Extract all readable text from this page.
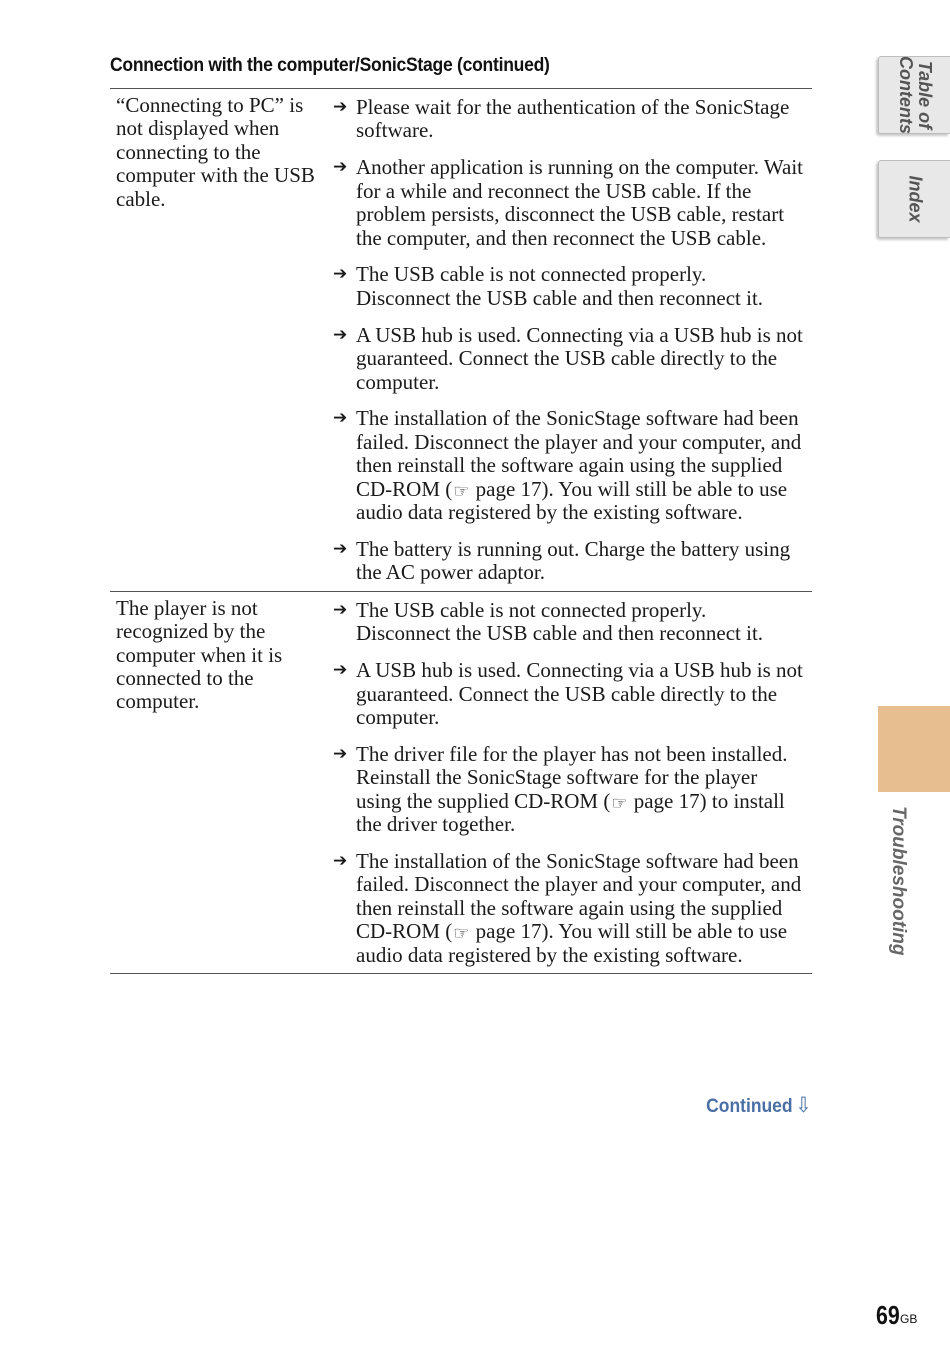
Connection with the computer/SonicStage (continued)
“Connecting to PC” is not displayed when connecting to the computer with the USB cable.
➔ Please wait for the authentication of the SonicStage software.
➔ Another application is running on the computer. Wait for a while and reconnect the USB cable. If the problem persists, disconnect the USB cable, restart the computer, and then reconnect the USB cable.
➔ The USB cable is not connected properly. Disconnect the USB cable and then reconnect it.
➔ A USB hub is used. Connecting via a USB hub is not guaranteed. Connect the USB cable directly to the computer.
➔ The installation of the SonicStage software had been failed. Disconnect the player and your computer, and then reinstall the software again using the supplied CD-ROM (☞ page 17). You will still be able to use audio data registered by the existing software.
➔ The battery is running out. Charge the battery using the AC power adaptor.
The player is not recognized by the computer when it is connected to the computer.
➔ The USB cable is not connected properly. Disconnect the USB cable and then reconnect it.
➔ A USB hub is used. Connecting via a USB hub is not guaranteed. Connect the USB cable directly to the computer.
➔ The driver file for the player has not been installed. Reinstall the SonicStage software for the player using the supplied CD-ROM (☞ page 17) to install the driver together.
➔ The installation of the SonicStage software had been failed. Disconnect the player and your computer, and then reinstall the software again using the supplied CD-ROM (☞ page 17). You will still be able to use audio data registered by the existing software.
Table of
Contents
Index
Troubleshooting
Continued ⇩
69 GB
